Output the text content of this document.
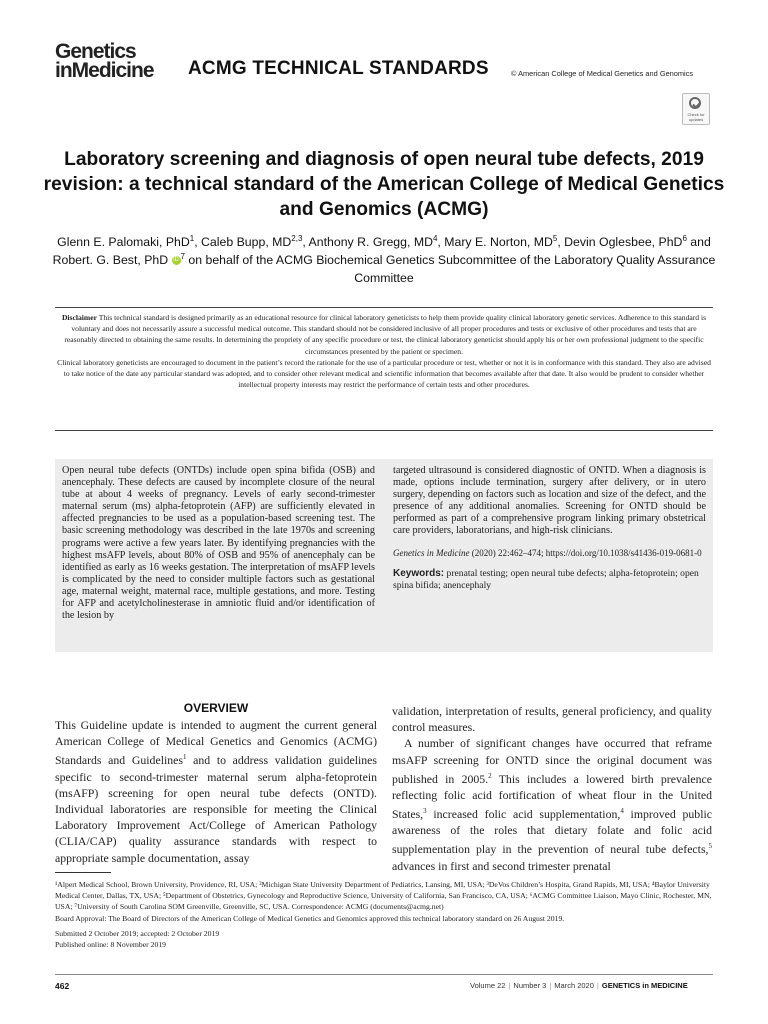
Genetics
inMedicine ACMG TECHNICAL STANDARDS	© American College of Medical Genetics and Genomics
Check for updates
Laboratory screening and diagnosis of open neural tube defects, 2019 revision: a technical standard of the American College of Medical Genetics and Genomics (ACMG)
Glenn E. Palomaki, PhD$^1$, Caleb Bupp, MD$^{2,3}$, Anthony R. Gregg, $MD^4$, Mary E. Norton, $MD^5$, Devin Oglesbee, PhD$^6$ and Robert. G. Best, PhD iD $^7$ on behalf of the ACMG Biochemical Genetics Subcommittee of the Laboratory Quality Assurance Committee

Disclaimer This technical standard is designed primarily as an educational resource for clinical laboratory geneticists to help them provide quality clinical laboratory genetic services. Adherence to this standard is voluntary and does not necessarily assure a successful medical outcome. This standard should not be considered inclusive of all proper procedures and tests or exclusive of other procedures and tests that are reasonably directed to obtaining the same results. In determining the propriety of any specific procedure or test, the clinical laboratory geneticist should apply his or her own professional judgment to the specific circumstances presented by the patient or specimen.

Clinical laboratory geneticists are encouraged to document in the patient’s record the rationale for the use of a particular procedure or test, whether or not it is in conformance with this standard. They also are advised to take notice of the date any particular standard was adopted, and to consider other relevant medical and scientific information that becomes available after that date. It also would be prudent to consider whether intellectual property interests may restrict the performance of certain tests and other procedures.

Open neural tube defects (ONTDs) include open spina bifida (OSB) and anencephaly. These defects are caused by incomplete closure of the neural tube at about 4 weeks of pregnancy. Levels of early second-trimester maternal serum (ms) alpha-fetoprotein (AFP) are sufficiently elevated in affected pregnancies to be used as a population-based screening test. The basic screening methodology was described in the late 1970s and screening programs were active a few years later. By identifying pregnancies with the highest msAFP levels, about 80% of OSB and 95% of anencephaly can be identified as early as 16 weeks gestation. The interpretation of msAFP levels is complicated by the need to consider multiple factors such as gestational age, maternal weight, maternal race, multiple gestations, and more. Testing for AFP and acetylcholinesterase in amniotic fluid and/or identification of the lesion by

targeted ultrasound is considered diagnostic of ONTD. When a diagnosis is made, options include termination, surgery after delivery, or in utero surgery, depending on factors such as location and size of the defect, and the presence of any additional anomalies. Screening for ONTD should be performed as part of a comprehensive program linking primary obstetrical care providers, laboratorians, and high-risk clinicians.

Genetics in Medicine (2020) 22:462–474; https://doi.org/10.1038/s41436-019-0681-0

Keywords: prenatal testing; open neural tube defects; alpha-fetoprotein; open spina bifida; anencephaly

OVERVIEW
This Guideline update is intended to augment the current general American College of Medical Genetics and Genomics (ACMG) Standards and Guidelines$^1$ and to address validation guidelines specific to second-trimester maternal serum alpha-fetoprotein (msAFP) screening for open neural tube defects (ONTD). Individual laboratories are responsible for meeting the Clinical Laboratory Improvement Act/College of American Pathology (CLIA/CAP) quality assurance standards with respect to appropriate sample documentation, assay

validation, interpretation of results, general proficiency, and quality control measures.

A number of significant changes have occurred that reframe msAFP screening for ONTD since the original document was published in 2005.$^2$ This includes a lowered birth prevalence reflecting folic acid fortification of wheat flour in the United States,$^3$ increased folic acid supplementation,$^4$ improved public awareness of the roles that dietary folate and folic acid supplementation play in the prevention of neural tube defects,$^5$ advances in first and second trimester prenatal

¹Alpert Medical School, Brown University, Providence, RI, USA; ²Michigan State University Department of Pediatrics, Lansing, MI, USA; ³DeVos Children’s Hospita, Grand Rapids, MI, USA; ⁴Baylor University Medical Center, Dallas, TX, USA; ⁵Department of Obstetrics, Gynecology and Reproductive Science, University of California, San Francisco, CA, USA; ⁶ACMG Committee Liaison, Mayo Clinic, Rochester, MN, USA; ⁷University of South Carolina SOM Greenville, Greenville, SC, USA. Correspondence: ACMG (documents@acmg.net)

Board Approval: The Board of Directors of the American College of Medical Genetics and Genomics approved this technical laboratory standard on 26 August 2019.

Submitted 2 October 2019; accepted: 2 October 2019

Published online: 8 November 2019

462	Volume 22 | Number 3 | March 2020 | GENETICS in MEDICINE
